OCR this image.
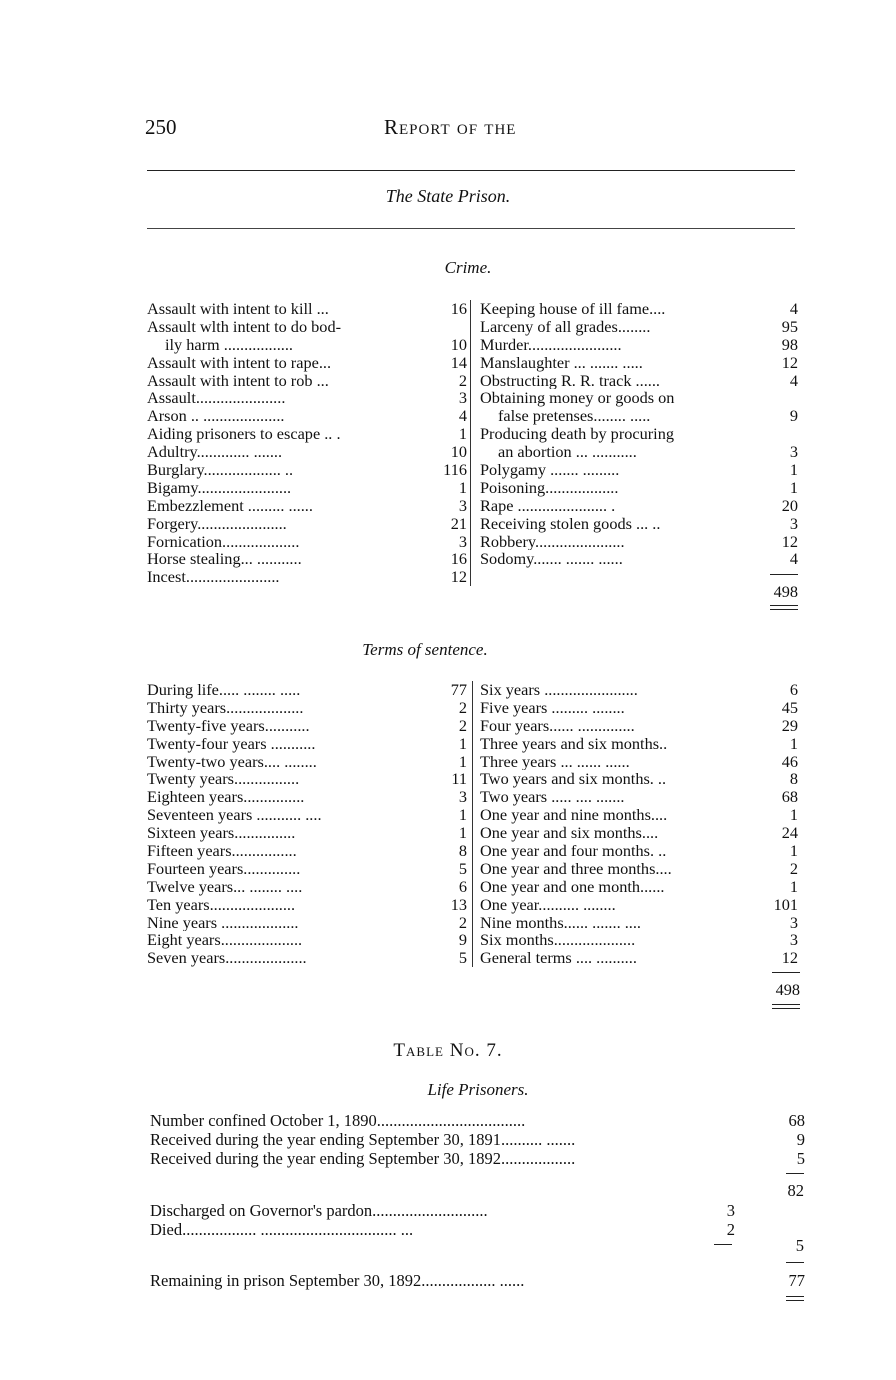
250	Report of the
The State Prison.
Crime.
Assault with intent to kill ...	16
Assault wlth intent to do bod-
ily harm .................	10
Assault with intent to rape...	14
Assault with intent to rob ...	2
Assault......................	3
Arson .. ....................	4
Aiding prisoners to escape .. .	1
Adultry............. .......	10
Burglary................... ..	116
Bigamy.......................	1
Embezzlement ......... ......	3
Forgery......................	21
Fornication...................	3
Horse stealing... ...........	16
Incest.......................	12
Keeping house of ill fame....	4
Larceny of all grades........	95
Murder.......................	98
Manslaughter ... ....... .....	12
Obstructing R. R. track ......	4
Obtaining money or goods on
false pretenses........ .....	9
Producing death by procuring
an abortion ... ...........	3
Polygamy ....... .........	1
Poisoning..................	1
Rape ...................... .	20
Receiving stolen goods ... ..	3
Robbery......................	12
Sodomy....... ....... ......	4
498
Terms of sentence.
During life..... ........ .....	77
Thirty years...................	2
Twenty-five years...........	2
Twenty-four years ...........	1
Twenty-two years.... ........	1
Twenty years................	11
Eighteen years...............	3
Seventeen years ........... ....	1
Sixteen years...............	1
Fifteen years................	8
Fourteen years..............	5
Twelve years... ........ ....	6
Ten years.....................	13
Nine years ...................	2
Eight years....................	9
Seven years....................	5
Six years .......................	6
Five years ......... ........	45
Four years...... ..............	29
Three years and six months..	1
Three years ... ...... ......	46
Two years and six months. ..	8
Two years ..... .... .......	68
One year and nine months....	1
One year and six months....	24
One year and four months. ..	1
One year and three months....	2
One year and one month......	1
One year.......... ........	101
Nine months...... ....... ....	3
Six months....................	3
General terms .... ..........	12
498
Table No. 7.
Life Prisoners.
Number confined October 1, 1890....................................	68
Received during the year ending September 30, 1891.......... .......	9
Received during the year ending September 30, 1892..................	5
82
Discharged on Governor's pardon............................	3
Died.................. ................................. ...	2
5
Remaining in prison September 30, 1892.................. ......	77
